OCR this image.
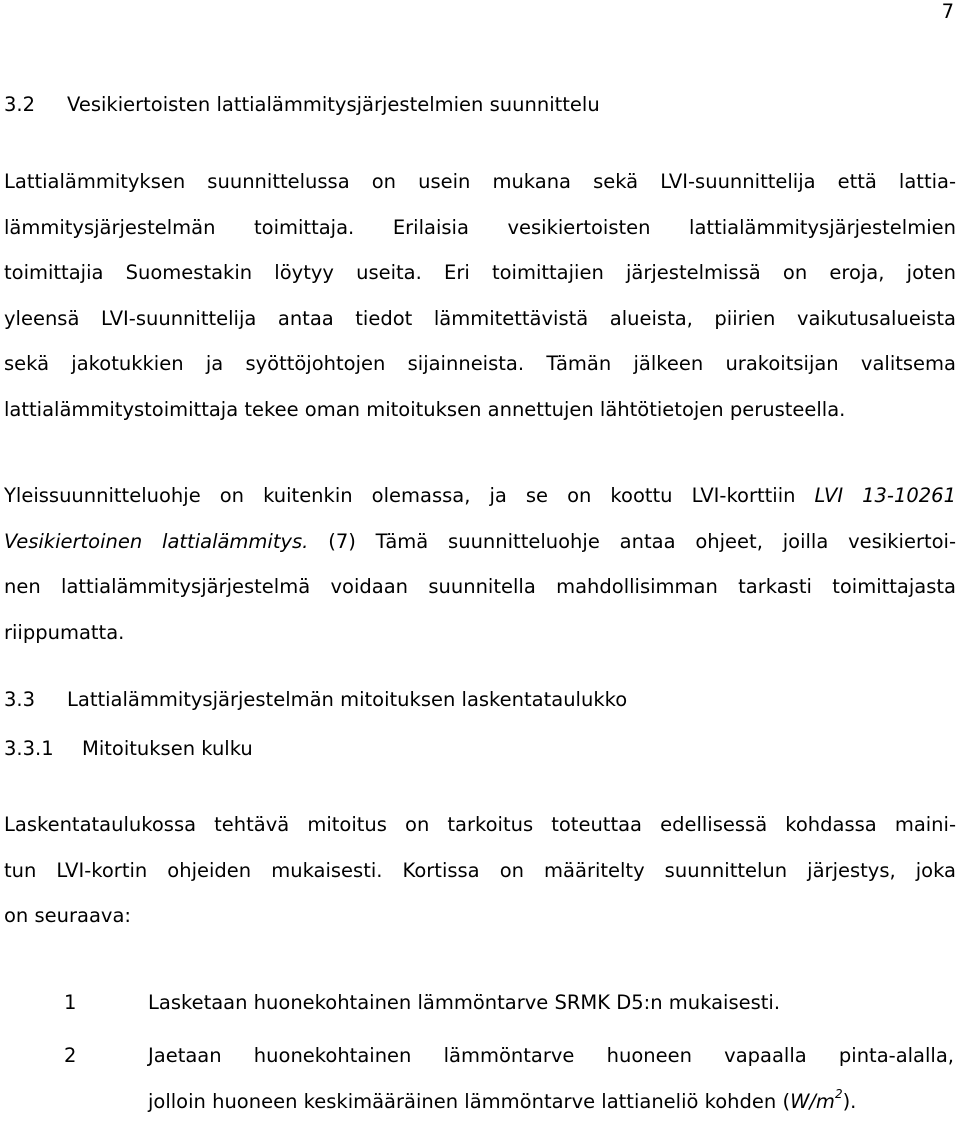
7
3.2 Vesikiertoisten lattialämmitysjärjestelmien suunnittelu
Lattialämmityksen suunnittelussa on usein mukana sekä LVI-suunnittelija että lattia-
lämmitysjärjestelmän toimittaja. Erilaisia vesikiertoisten lattialämmitysjärjestelmien
toimittajia Suomestakin löytyy useita. Eri toimittajien järjestelmissä on eroja, joten
yleensä LVI-suunnittelija antaa tiedot lämmitettävistä alueista, piirien vaikutusalueista
sekä jakotukkien ja syöttöjohtojen sijainneista. Tämän jälkeen urakoitsijan valitsema
lattialämmitystoimittaja tekee oman mitoituksen annettujen lähtötietojen perusteella.
Yleissuunnitteluohje on kuitenkin olemassa, ja se on koottu LVI-korttiin LVI 13-10261
Vesikiertoinen lattialämmitys. (7) Tämä suunnitteluohje antaa ohjeet, joilla vesikiertoi-
nen lattialämmitysjärjestelmä voidaan suunnitella mahdollisimman tarkasti toimittajasta
riippumatta.
3.3 Lattialämmitysjärjestelmän mitoituksen laskentataulukko
3.3.1 Mitoituksen kulku
Laskentataulukossa tehtävä mitoitus on tarkoitus toteuttaa edellisessä kohdassa maini-
tun LVI-kortin ohjeiden mukaisesti. Kortissa on määritelty suunnittelun järjestys, joka
on seuraava:
1	Lasketaan huonekohtainen lämmöntarve SRMK D5:n mukaisesti.
2	Jaetaan huonekohtainen lämmöntarve huoneen vapaalla pinta-alalla,
jolloin huoneen keskimääräinen lämmöntarve lattianeliö kohden $(W/m^2)$.
